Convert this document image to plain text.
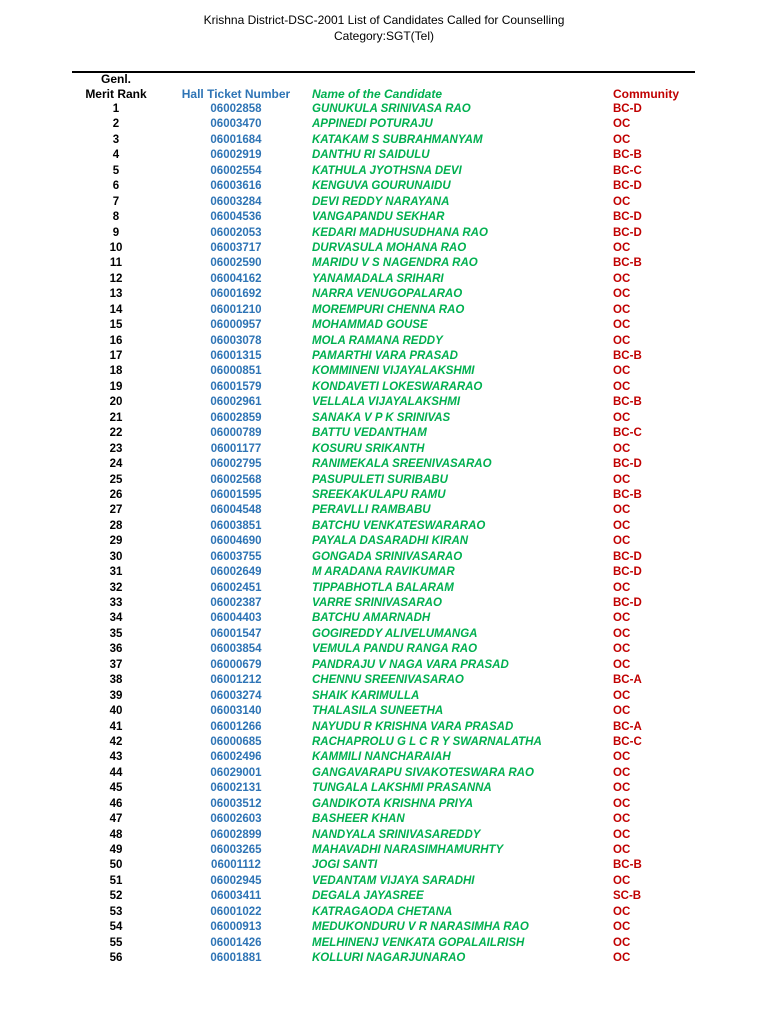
Krishna District-DSC-2001 List of Candidates Called for Counselling
Category:SGT(Tel)
Genl.
Merit Rank	Hall Ticket Number	Name of the Candidate	Community
1	06002858	GUNUKULA SRINIVASA RAO	BC-D
2	06003470	APPINEDI POTURAJU	OC
3	06001684	KATAKAM S SUBRAHMANYAM	OC
4	06002919	DANTHU RI SAIDULU	BC-B
5	06002554	KATHULA JYOTHSNA DEVI	BC-C
6	06003616	KENGUVA GOURUNAIDU	BC-D
7	06003284	DEVI REDDY NARAYANA	OC
8	06004536	VANGAPANDU SEKHAR	BC-D
9	06002053	KEDARI MADHUSUDHANA RAO	BC-D
10	06003717	DURVASULA MOHANA RAO	OC
11	06002590	MARIDU V S NAGENDRA RAO	BC-B
12	06004162	YANAMADALA SRIHARI	OC
13	06001692	NARRA VENUGOPALARAO	OC
14	06001210	MOREMPURI CHENNA RAO	OC
15	06000957	MOHAMMAD GOUSE	OC
16	06003078	MOLA RAMANA REDDY	OC
17	06001315	PAMARTHI VARA PRASAD	BC-B
18	06000851	KOMMINENI VIJAYALAKSHMI	OC
19	06001579	KONDAVETI LOKESWARARAO	OC
20	06002961	VELLALA VIJAYALAKSHMI	BC-B
21	06002859	SANAKA V P K SRINIVAS	OC
22	06000789	BATTU VEDANTHAM	BC-C
23	06001177	KOSURU SRIKANTH	OC
24	06002795	RANIMEKALA SREENIVASARAO	BC-D
25	06002568	PASUPULETI SURIBABU	OC
26	06001595	SREEKAKULAPU RAMU	BC-B
27	06004548	PERAVLLI RAMBABU	OC
28	06003851	BATCHU VENKATESWARARAO	OC
29	06004690	PAYALA DASARADHI KIRAN	OC
30	06003755	GONGADA SRINIVASARAO	BC-D
31	06002649	M ARADANA RAVIKUMAR	BC-D
32	06002451	TIPPABHOTLA BALARAM	OC
33	06002387	VARRE SRINIVASARAO	BC-D
34	06004403	BATCHU AMARNADH	OC
35	06001547	GOGIREDDY ALIVELUMANGA	OC
36	06003854	VEMULA PANDU RANGA RAO	OC
37	06000679	PANDRAJU V NAGA VARA PRASAD	OC
38	06001212	CHENNU SREENIVASARAO	BC-A
39	06003274	SHAIK KARIMULLA	OC
40	06003140	THALASILA SUNEETHA	OC
41	06001266	NAYUDU R KRISHNA VARA PRASAD	BC-A
42	06000685	RACHAPROLU G L C R Y SWARNALATHA	BC-C
43	06002496	KAMMILI NANCHARAIAH	OC
44	06029001	GANGAVARAPU SIVAKOTESWARA RAO	OC
45	06002131	TUNGALA LAKSHMI PRASANNA	OC
46	06003512	GANDIKOTA KRISHNA PRIYA	OC
47	06002603	BASHEER KHAN	OC
48	06002899	NANDYALA SRINIVASAREDDY	OC
49	06003265	MAHAVADHI NARASIMHAMURHTY	OC
50	06001112	JOGI SANTI	BC-B
51	06002945	VEDANTAM VIJAYA SARADHI	OC
52	06003411	DEGALA JAYASREE	SC-B
53	06001022	KATRAGAODA CHETANA	OC
54	06000913	MEDUKONDURU V R NARASIMHA RAO	OC
55	06001426	MELHINENJ VENKATA GOPALAILRISH	OC
56	06001881	KOLLURI NAGARJUNARAO	OC
